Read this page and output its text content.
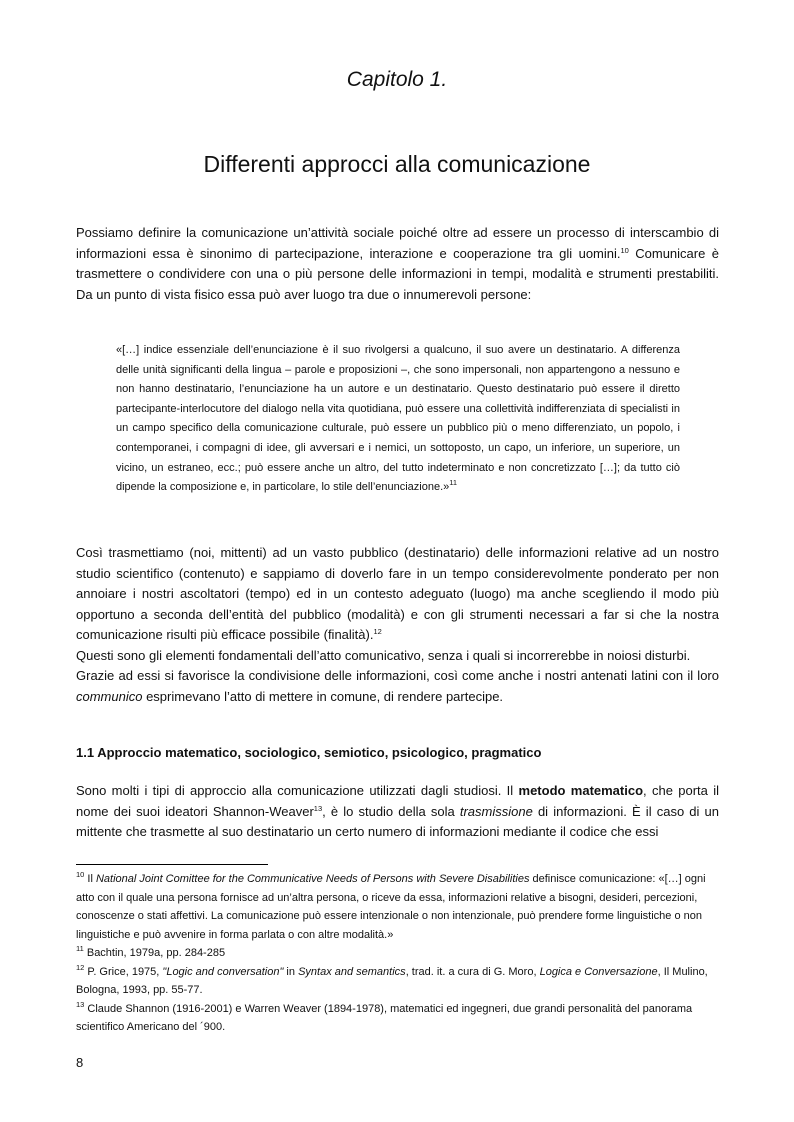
Capitolo 1.
Differenti approcci alla comunicazione

Possiamo definire la comunicazione un’attività sociale poiché oltre ad essere un processo di interscambio di informazioni essa è sinonimo di partecipazione, interazione e cooperazione tra gli uomini.$^{10}$ Comunicare è trasmettere o condividere con una o più persone delle informazioni in tempi, modalità e strumenti prestabiliti. Da un punto di vista fisico essa può aver luogo tra due o innumerevoli persone:

«[…] indice essenziale dell’enunciazione è il suo rivolgersi a qualcuno, il suo avere un destinatario. A differenza delle unità significanti della lingua – parole e proposizioni –, che sono impersonali, non appartengono a nessuno e non hanno destinatario, l’enunciazione ha un autore e un destinatario. Questo destinatario può essere il diretto partecipante-interlocutore del dialogo nella vita quotidiana, può essere una collettività indifferenziata di specialisti in un campo specifico della comunicazione culturale, può essere un pubblico più o meno differenziato, un popolo, i contemporanei, i compagni di idee, gli avversari e i nemici, un sottoposto, un capo, un inferiore, un superiore, un vicino, un estraneo, ecc.; può essere anche un altro, del tutto indeterminato e non concretizzato […]; da tutto ciò dipende la composizione e, in particolare, lo stile dell’enunciazione.»$^{11}$

Così trasmettiamo (noi, mittenti) ad un vasto pubblico (destinatario) delle informazioni relative ad un nostro studio scientifico (contenuto) e sappiamo di doverlo fare in un tempo considerevolmente ponderato per non annoiare i nostri ascoltatori (tempo) ed in un contesto adeguato (luogo) ma anche scegliendo il modo più opportuno a seconda dell’entità del pubblico (modalità) e con gli strumenti necessari a far si che la nostra comunicazione risulti più efficace possibile (finalità).$^{12}$

Questi sono gli elementi fondamentali dell’atto comunicativo, senza i quali si incorrerebbe in noiosi disturbi.

Grazie ad essi si favorisce la condivisione delle informazioni, così come anche i nostri antenati latini con il loro communico esprimevano l’atto di mettere in comune, di rendere partecipe.

1.1 Approccio matematico, sociologico, semiotico, psicologico, pragmatico

Sono molti i tipi di approccio alla comunicazione utilizzati dagli studiosi. Il metodo matematico, che porta il nome dei suoi ideatori Shannon-Weaver$^{13}$, è lo studio della sola trasmissione di informazioni. È il caso di un mittente che trasmette al suo destinatario un certo numero di informazioni mediante il codice che essi

$^{10}$ Il National Joint Comittee for the Communicative Needs of Persons with Severe Disabilities definisce comunicazione: «[…] ogni atto con il quale una persona fornisce ad un’altra persona, o riceve da essa, informazioni relative a bisogni, desideri, percezioni, conoscenze o stati affettivi. La comunicazione può essere intenzionale o non intenzionale, può prendere forme linguistiche o non linguistiche e può avvenire in forma parlata o con altre modalità.»
$^{11}$ Bachtin, 1979a, pp. 284-285
$^{12}$ P. Grice, 1975, "Logic and conversation" in Syntax and semantics, trad. it. a cura di G. Moro, Logica e Conversazione, Il Mulino, Bologna, 1993, pp. 55-77.
$^{13}$ Claude Shannon (1916-2001) e Warren Weaver (1894-1978), matematici ed ingegneri, due grandi personalità del panorama scientifico Americano del ´900.
8
